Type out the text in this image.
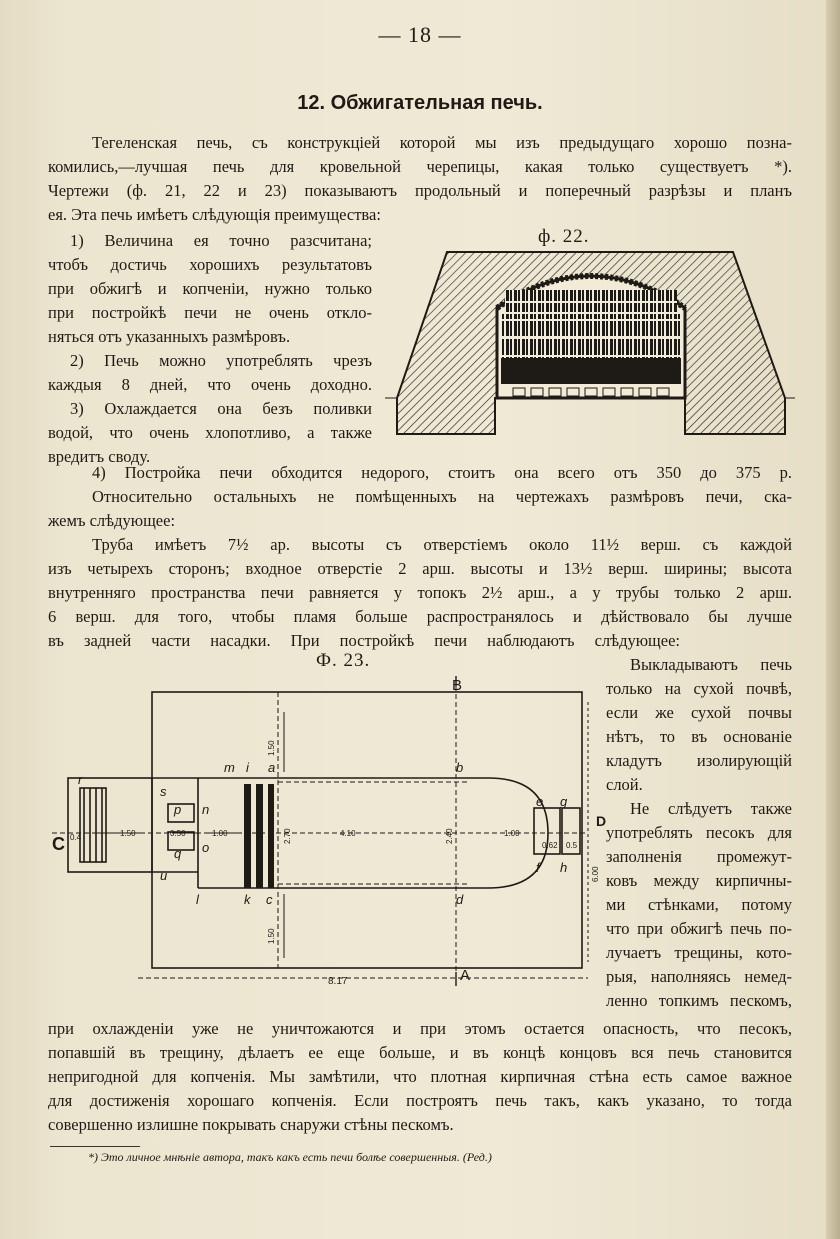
— 18 —
12. Обжигательная печь.
Тегеленская печь, съ конструкціей которой мы изъ предыдущаго хорошо позна-
комились,—лучшая печь для кровельной черепицы, какая только существуетъ *).
Чертежи (ф. 21, 22 и 23) показываютъ продольный и поперечный разрѣзы и планъ
ея. Эта печь имѣетъ слѣдующія преимущества:
1) Величина ея точно разсчитана;
чтобъ достичь хорошихъ результатовъ
при обжигѣ и копченіи, нужно только
при постройкѣ печи не очень откло-
няться отъ указанныхъ размѣровъ.
2) Печь можно употреблять чрезъ
каждыя 8 дней, что очень доходно.
3) Охлаждается она безъ поливки
водой, что очень хлопотливо, а также
вредитъ своду.
ф. 22.
4) Постройка печи обходится недорого, стоитъ она всего отъ 350 до 375 р.
Относительно остальныхъ не помѣщенныхъ на чертежахъ размѣровъ печи, ска-
жемъ слѣдующее:
Труба имѣетъ 7½ ар. высоты съ отверстіемъ около 11½ верш. съ каждой
изъ четырехъ сторонъ; входное отверстіе 2 арш. высоты и 13½ верш. ширины; высота
внутренняго пространства печи равняется у топокъ 2½ арш., а у трубы только 2 арш.
6 верш. для того, чтобы пламя больше распространялось и дѣйствовало бы лучше
въ задней части насадки. При постройкѣ печи наблюдаютъ слѣдующее:
Ф. 23.
B
A
C
D
m i a	b
e g
s
p n
o
q
u
r
l	k c	d
f h
1.50
1.50
0.4	1.50	0.50	1.00	2.70	4.10	2.40	1.00
0.62 0.5
6.00
8.17
Выкладываютъ печь
только на сухой почвѣ,
если же сухой почвы
нѣтъ, то въ основаніе
кладутъ изолирующій
слой.
Не слѣдуетъ также
употреблять песокъ для
заполненія промежут-
ковъ между кирпичны-
ми стѣнками, потому
что при обжигѣ печь по-
лучаетъ трещины, кото-
рыя, наполняясь немед-
ленно топкимъ пескомъ,
при охлажденіи уже не уничтожаются и при этомъ остается опасность, что песокъ,
попавшій въ трещину, дѣлаетъ ее еще больше, и въ концѣ концовъ вся печь становится
непригодной для копченія. Мы замѣтили, что плотная кирпичная стѣна есть самое важное
для достиженія хорошаго копченія. Если построятъ печь такъ, какъ указано, то тогда
совершенно излишне покрывать снаружи стѣны пескомъ.
*) Это личное мнѣніе автора, такъ какъ есть печи болѣе совершенныя. (Ред.)
